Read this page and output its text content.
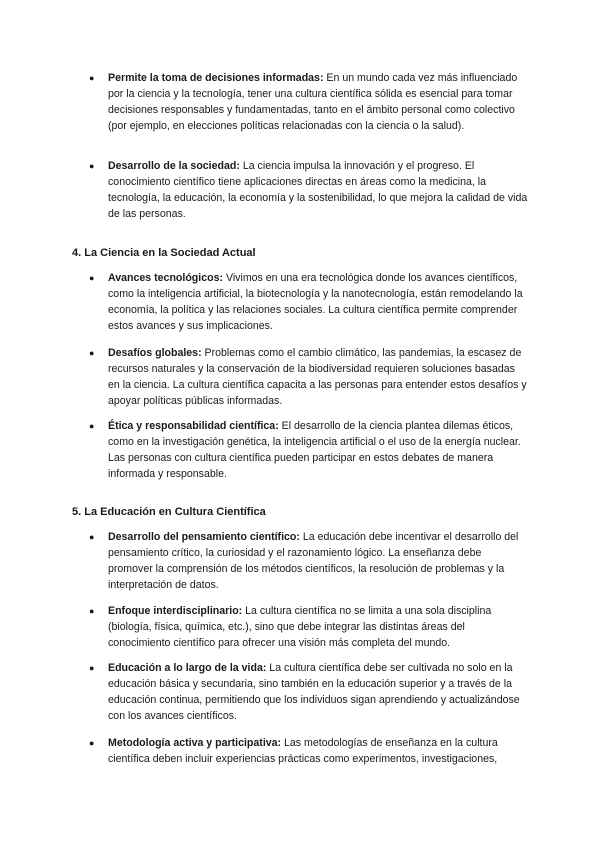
● Permite la toma de decisiones informadas: En un mundo cada vez más influenciado por la ciencia y la tecnología, tener una cultura científica sólida es esencial para tomar decisiones responsables y fundamentadas, tanto en el ámbito personal como colectivo (por ejemplo, en elecciones políticas relacionadas con la ciencia o la salud).
● Desarrollo de la sociedad: La ciencia impulsa la innovación y el progreso. El conocimiento científico tiene aplicaciones directas en áreas como la medicina, la tecnología, la educación, la economía y la sostenibilidad, lo que mejora la calidad de vida de las personas.
4. La Ciencia en la Sociedad Actual
● Avances tecnológicos: Vivimos en una era tecnológica donde los avances científicos, como la inteligencia artificial, la biotecnología y la nanotecnología, están remodelando la economía, la política y las relaciones sociales. La cultura científica permite comprender estos avances y sus implicaciones.
● Desafíos globales: Problemas como el cambio climático, las pandemias, la escasez de recursos naturales y la conservación de la biodiversidad requieren soluciones basadas en la ciencia. La cultura científica capacita a las personas para entender estos desafíos y apoyar políticas públicas informadas.
● Ética y responsabilidad científica: El desarrollo de la ciencia plantea dilemas éticos, como en la investigación genética, la inteligencia artificial o el uso de la energía nuclear. Las personas con cultura científica pueden participar en estos debates de manera informada y responsable.
5. La Educación en Cultura Científica
● Desarrollo del pensamiento científico: La educación debe incentivar el desarrollo del pensamiento crítico, la curiosidad y el razonamiento lógico. La enseñanza debe promover la comprensión de los métodos científicos, la resolución de problemas y la interpretación de datos.
● Enfoque interdisciplinario: La cultura científica no se limita a una sola disciplina (biología, física, química, etc.), sino que debe integrar las distintas áreas del conocimiento científico para ofrecer una visión más completa del mundo.
● Educación a lo largo de la vida: La cultura científica debe ser cultivada no solo en la educación básica y secundaria, sino también en la educación superior y a través de la educación continua, permitiendo que los individuos sigan aprendiendo y actualizándose con los avances científicos.
● Metodología activa y participativa: Las metodologías de enseñanza en la cultura científica deben incluir experiencias prácticas como experimentos, investigaciones,
